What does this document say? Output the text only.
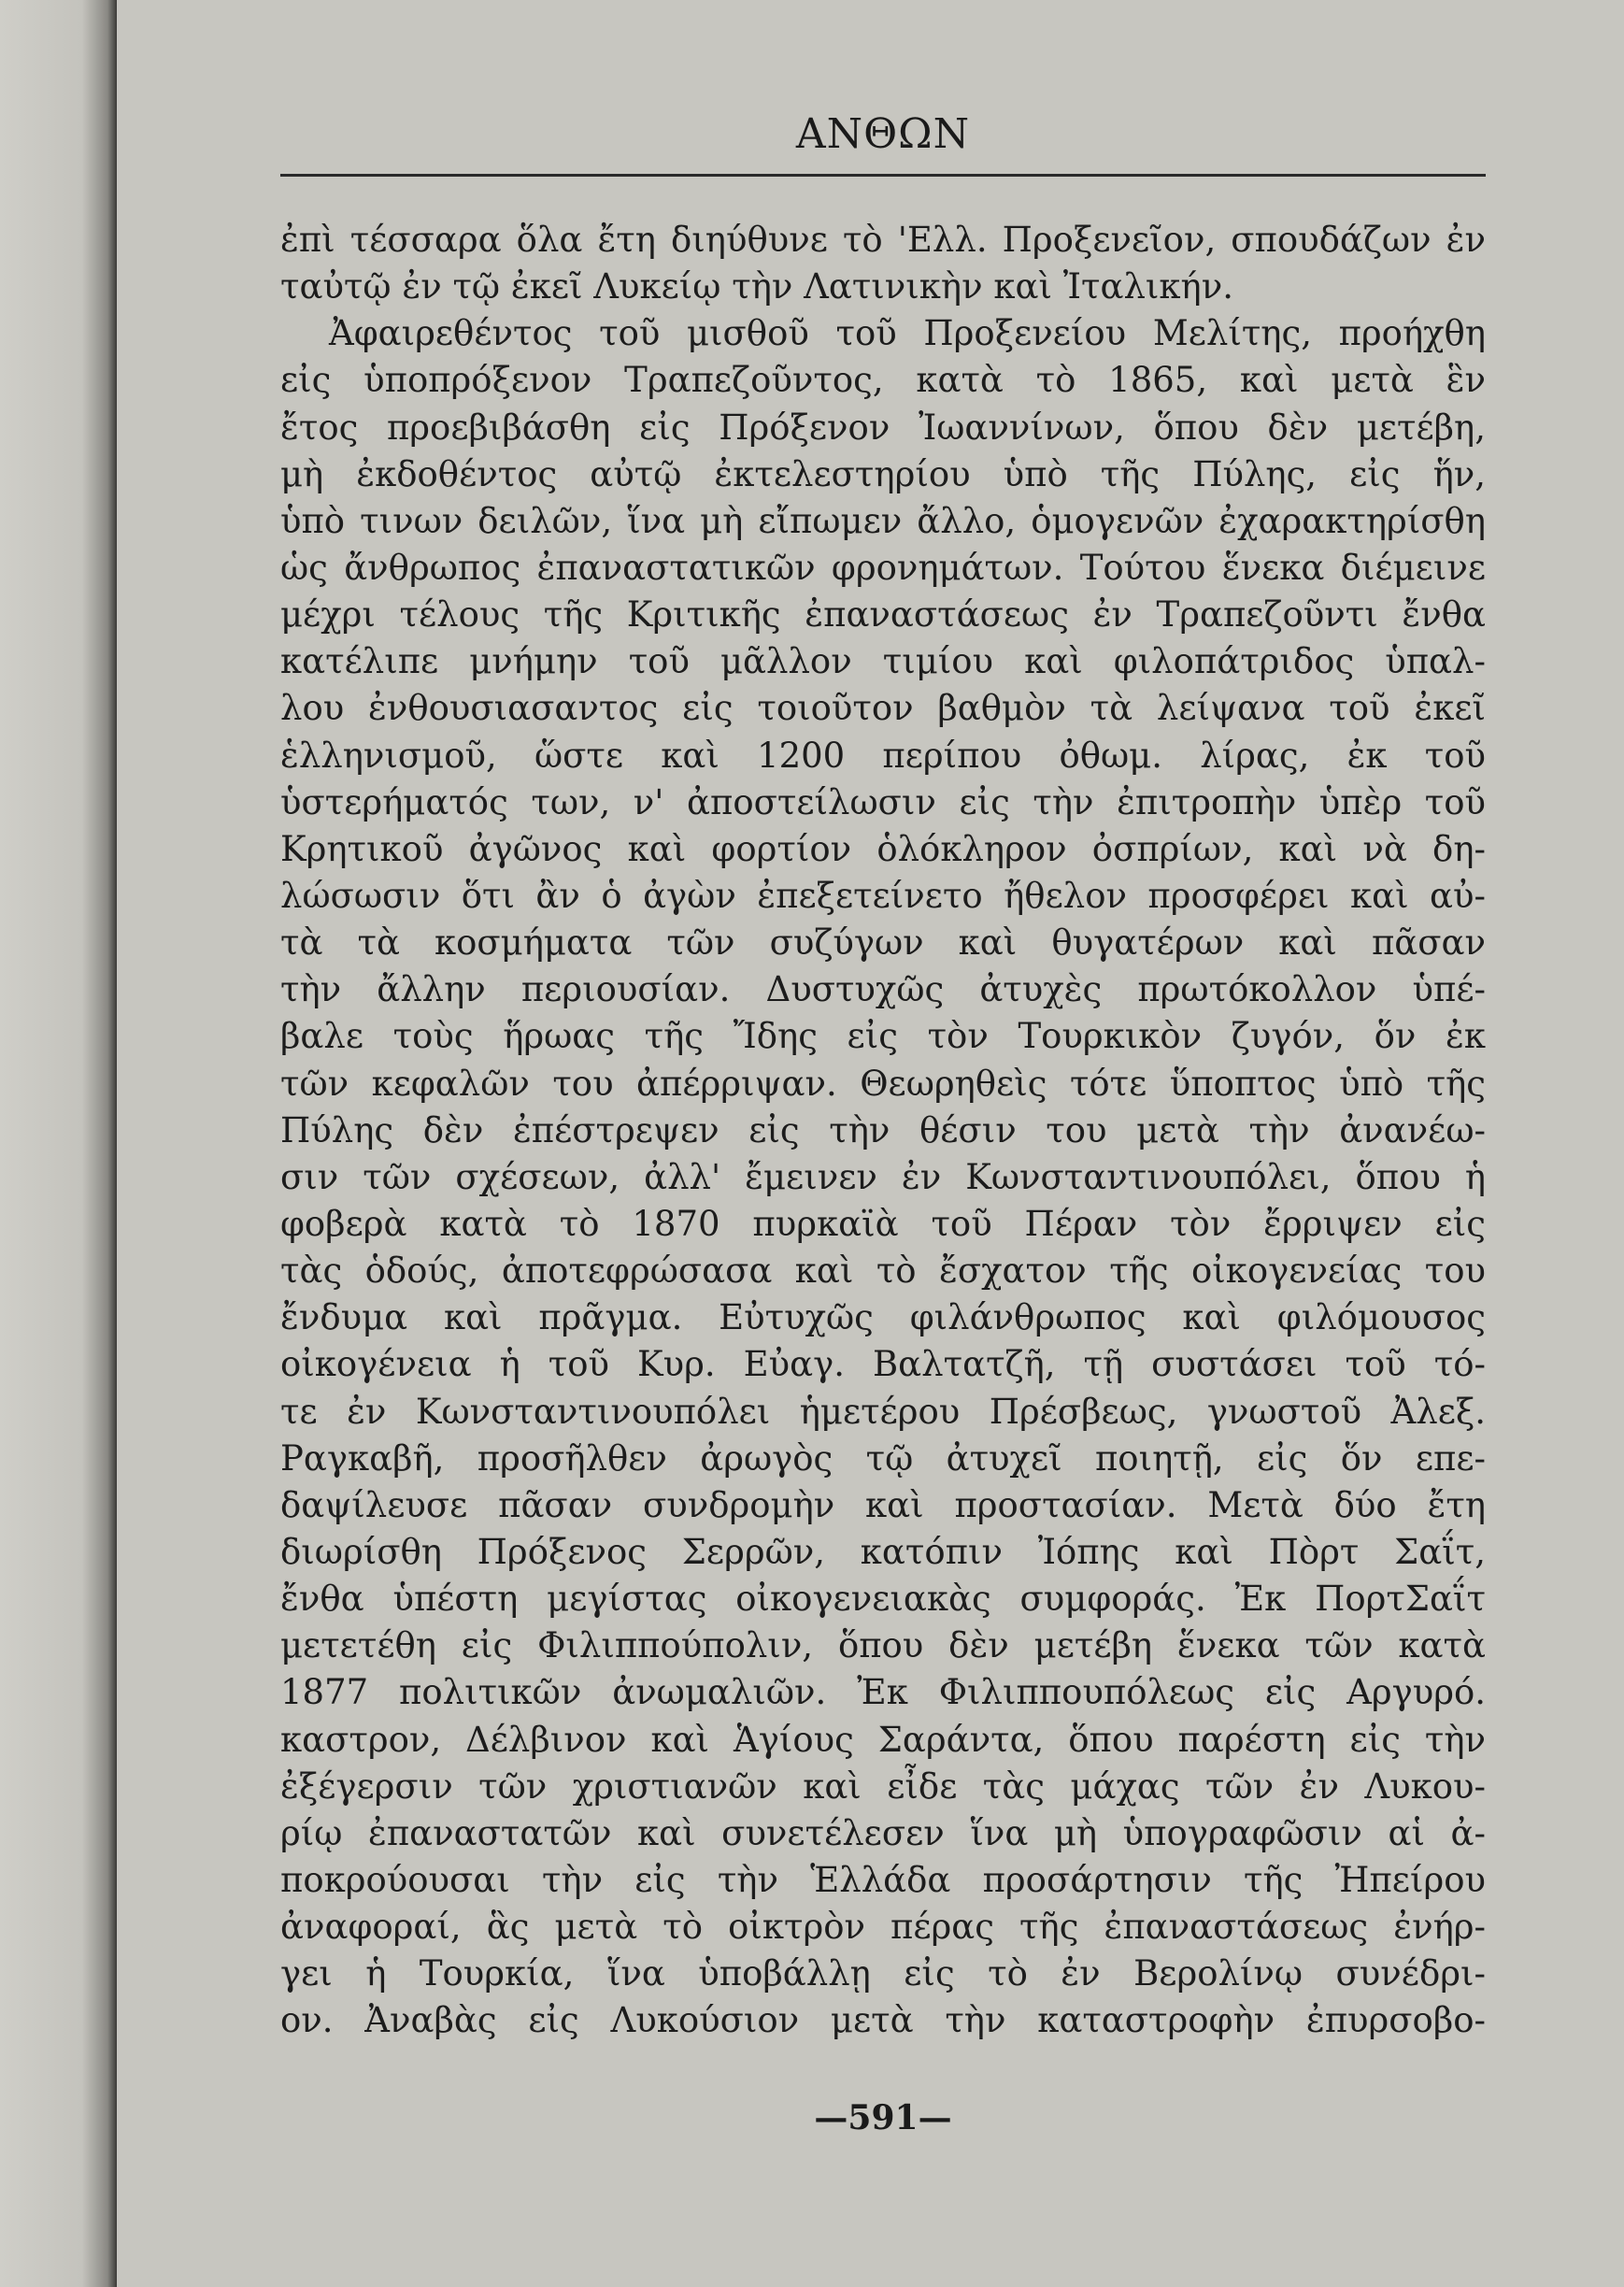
ΑΝΘΩΝ
ἐπὶ τέσσαρα ὅλα ἔτη διηύθυνε τὸ 'Ελλ. Προξενεῖον, σπουδάζων ἐν
ταὐτῷ ἐν τῷ ἐκεῖ Λυκείῳ τὴν Λατινικὴν καὶ Ἰταλικήν.
Ἀφαιρεθέντος τοῦ μισθοῦ τοῦ Προξενείου Μελίτης, προήχθη
εἰς ὑποπρόξενον Τραπεζοῦντος, κατὰ τὸ 1865, καὶ μετὰ ἓν
ἔτος προεβιβάσθη εἰς Πρόξενον Ἰωαννίνων, ὅπου δὲν μετέβη,
μὴ ἐκδοθέντος αὐτῷ ἐκτελεστηρίου ὑπὸ τῆς Πύλης, εἰς ἥν,
ὑπὸ τινων δειλῶν, ἵνα μὴ εἴπωμεν ἄλλο, ὁμογενῶν ἐχαρακτηρίσθη
ὡς ἄνθρωπος ἐπαναστατικῶν φρονημάτων. Τούτου ἕνεκα διέμεινε
μέχρι τέλους τῆς Κριτικῆς ἐπαναστάσεως ἐν Τραπεζοῦντι ἔνθα
κατέλιπε μνήμην τοῦ μᾶλλον τιμίου καὶ φιλοπάτριδος ὑπαλ-
λου ἐνθουσιασαντος εἰς τοιοῦτον βαθμὸν τὰ λείψανα τοῦ ἐκεῖ
ἑλληνισμοῦ, ὥστε καὶ 1200 περίπου ὀθωμ. λίρας, ἐκ τοῦ
ὑστερήματός των, ν' ἀποστείλωσιν εἰς τὴν ἐπιτροπὴν ὑπὲρ τοῦ
Κρητικοῦ ἀγῶνος καὶ φορτίον ὁλόκληρον ὀσπρίων, καὶ νὰ δη-
λώσωσιν ὅτι ἂν ὁ ἀγὼν ἐπεξετείνετο ἤθελον προσφέρει καὶ αὐ-
τὰ τὰ κοσμήματα τῶν συζύγων καὶ θυγατέρων καὶ πᾶσαν
τὴν ἄλλην περιουσίαν. Δυστυχῶς ἀτυχὲς πρωτόκολλον ὑπέ-
βαλε τοὺς ἥρωας τῆς Ἴδης εἰς τὸν Τουρκικὸν ζυγόν, ὅν ἐκ
τῶν κεφαλῶν του ἀπέρριψαν. Θεωρηθεὶς τότε ὕποπτος ὑπὸ τῆς
Πύλης δὲν ἐπέστρεψεν εἰς τὴν θέσιν του μετὰ τὴν ἀνανέω-
σιν τῶν σχέσεων, ἀλλ' ἔμεινεν ἐν Κωνσταντινουπόλει, ὅπου ἡ
φοβερὰ κατὰ τὸ 1870 πυρκαϊὰ τοῦ Πέραν τὸν ἔρριψεν εἰς
τὰς ὁδούς, ἀποτεφρώσασα καὶ τὸ ἔσχατον τῆς οἰκογενείας του
ἔνδυμα καὶ πρᾶγμα. Εὐτυχῶς φιλάνθρωπος καὶ φιλόμουσος
οἰκογένεια ἡ τοῦ Κυρ. Εὐαγ. Βαλτατζῆ, τῇ συστάσει τοῦ τό-
τε ἐν Κωνσταντινουπόλει ἡμετέρου Πρέσβεως, γνωστοῦ Ἀλεξ.
Ραγκαβῆ, προσῆλθεν ἀρωγὸς τῷ ἀτυχεῖ ποιητῇ, εἰς ὅν επε-
δαψίλευσε πᾶσαν συνδρομὴν καὶ προστασίαν. Μετὰ δύο ἔτη
διωρίσθη Πρόξενος Σερρῶν, κατόπιν Ἰόπης καὶ Πὸρτ Σαΐτ,
ἔνθα ὑπέστη μεγίστας οἰκογενειακὰς συμφοράς. Ἐκ ΠορτΣαΐτ
μετετέθη εἰς Φιλιππούπολιν, ὅπου δὲν μετέβη ἕνεκα τῶν κατὰ
1877 πολιτικῶν ἀνωμαλιῶν. Ἐκ Φιλιππουπόλεως εἰς Αργυρό.
καστρον, Δέλβινον καὶ Ἁγίους Σαράντα, ὅπου παρέστη εἰς τὴν
ἐξέγερσιν τῶν χριστιανῶν καὶ εἶδε τὰς μάχας τῶν ἐν Λυκου-
ρίῳ ἐπαναστατῶν καὶ συνετέλεσεν ἵνα μὴ ὑπογραφῶσιν αἱ ἀ-
ποκρούουσαι τὴν εἰς τὴν Ἑλλάδα προσάρτησιν τῆς Ἠπείρου
ἀναφοραί, ἃς μετὰ τὸ οἰκτρὸν πέρας τῆς ἐπαναστάσεως ἐνήρ-
γει ἡ Τουρκία, ἵνα ὑποβάλλῃ εἰς τὸ ἐν Βερολίνῳ συνέδρι-
ον. Ἀναβὰς εἰς Λυκούσιον μετὰ τὴν καταστροφὴν ἐπυρσοβο-
—591—
